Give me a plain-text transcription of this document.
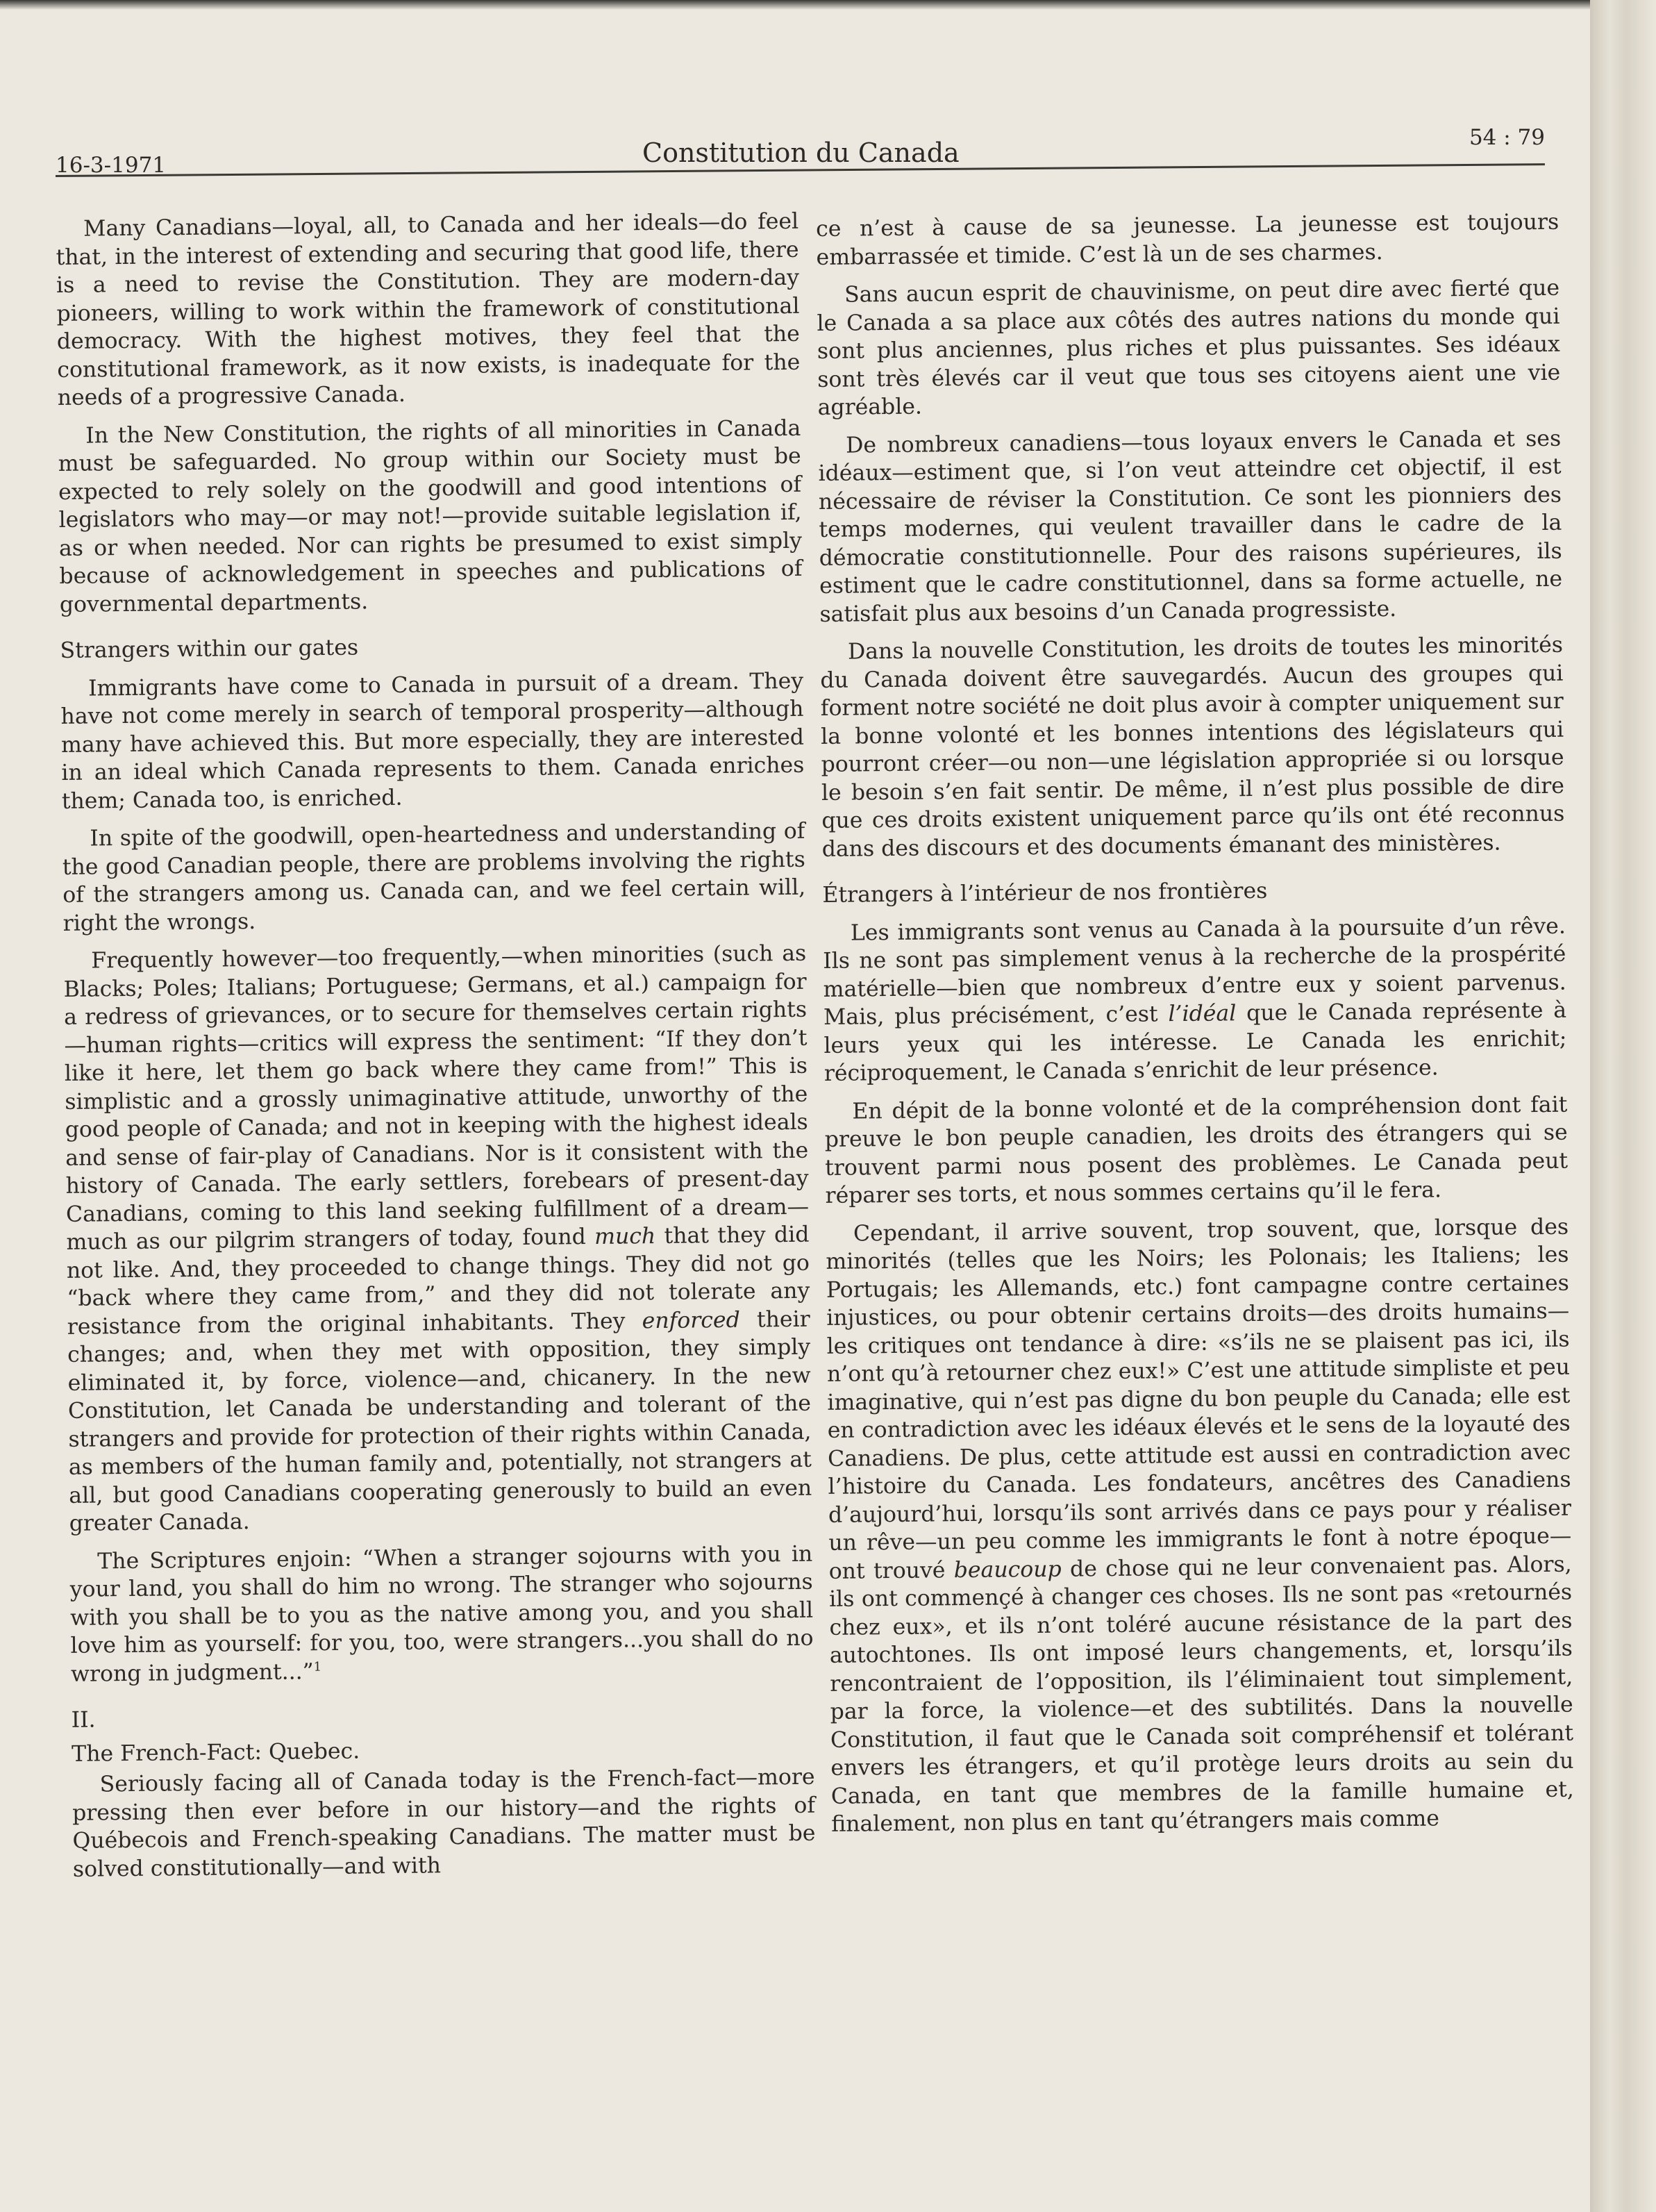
16-3-1971	Constitution du Canada	54 : 79

Many Canadians—loyal, all, to Canada and her ideals—do feel that, in the interest of extending and securing that good life, there is a need to revise the Constitution. They are modern-day pioneers, willing to work within the framework of constitutional democracy. With the highest motives, they feel that the constitutional framework, as it now exists, is inadequate for the needs of a progressive Canada.

In the New Constitution, the rights of all minorities in Canada must be safeguarded. No group within our Society must be expected to rely solely on the goodwill and good intentions of legislators who may—or may not!—provide suitable legislation if, as or when needed. Nor can rights be presumed to exist simply because of acknowledgement in speeches and publications of governmental departments.

Strangers within our gates

Immigrants have come to Canada in pursuit of a dream. They have not come merely in search of temporal prosperity—although many have achieved this. But more especially, they are interested in an ideal which Canada represents to them. Canada enriches them; Canada too, is enriched.

In spite of the goodwill, open-heartedness and understanding of the good Canadian people, there are problems involving the rights of the strangers among us. Canada can, and we feel certain will, right the wrongs.

Frequently however—too frequently,—when minorities (such as Blacks; Poles; Italians; Portuguese; Germans, et al.) campaign for a redress of grievances, or to secure for themselves certain rights—human rights—critics will express the sentiment: “If they don’t like it here, let them go back where they came from!” This is simplistic and a grossly unimaginative attitude, unworthy of the good people of Canada; and not in keeping with the highest ideals and sense of fair-play of Canadians. Nor is it consistent with the history of Canada. The early settlers, forebears of present-day Canadians, coming to this land seeking fulfillment of a dream—much as our pilgrim strangers of today, found much that they did not like. And, they proceeded to change things. They did not go “back where they came from,” and they did not tolerate any resistance from the original inhabitants. They enforced their changes; and, when they met with opposition, they simply eliminated it, by force, violence—and, chicanery. In the new Constitution, let Canada be understanding and tolerant of the strangers and provide for protection of their rights within Canada, as members of the human family and, potentially, not strangers at all, but good Canadians cooperating generously to build an even greater Canada.

The Scriptures enjoin: “When a stranger sojourns with you in your land, you shall do him no wrong. The stranger who sojourns with you shall be to you as the native among you, and you shall love him as yourself: for you, too, were strangers...you shall do no wrong in judgment...”$^1$

II.

The French-Fact: Quebec.

Seriously facing all of Canada today is the French-fact—more pressing then ever before in our history—and the rights of Québecois and French-speaking Canadians. The matter must be solved constitutionally—and with

ce n’est à cause de sa jeunesse. La jeunesse est toujours embarrassée et timide. C’est là un de ses charmes.

Sans aucun esprit de chauvinisme, on peut dire avec fierté que le Canada a sa place aux côtés des autres nations du monde qui sont plus anciennes, plus riches et plus puissantes. Ses idéaux sont très élevés car il veut que tous ses citoyens aient une vie agréable.

De nombreux canadiens—tous loyaux envers le Canada et ses idéaux—estiment que, si l’on veut atteindre cet objectif, il est nécessaire de réviser la Constitution. Ce sont les pionniers des temps modernes, qui veulent travailler dans le cadre de la démocratie constitutionnelle. Pour des raisons supérieures, ils estiment que le cadre constitutionnel, dans sa forme actuelle, ne satisfait plus aux besoins d’un Canada progressiste.

Dans la nouvelle Constitution, les droits de toutes les minorités du Canada doivent être sauvegardés. Aucun des groupes qui forment notre société ne doit plus avoir à compter uniquement sur la bonne volonté et les bonnes intentions des législateurs qui pourront créer—ou non—une législation appropriée si ou lorsque le besoin s’en fait sentir. De même, il n’est plus possible de dire que ces droits existent uniquement parce qu’ils ont été reconnus dans des discours et des documents émanant des ministères.

Étrangers à l’intérieur de nos frontières

Les immigrants sont venus au Canada à la poursuite d’un rêve. Ils ne sont pas simplement venus à la recherche de la prospérité matérielle—bien que nombreux d’entre eux y soient parvenus. Mais, plus précisément, c’est l’idéal que le Canada représente à leurs yeux qui les intéresse. Le Canada les enrichit; réciproquement, le Canada s’enrichit de leur présence.

En dépit de la bonne volonté et de la compréhension dont fait preuve le bon peuple canadien, les droits des étrangers qui se trouvent parmi nous posent des problèmes. Le Canada peut réparer ses torts, et nous sommes certains qu’il le fera.

Cependant, il arrive souvent, trop souvent, que, lorsque des minorités (telles que les Noirs; les Polonais; les Italiens; les Portugais; les Allemands, etc.) font campagne contre certaines injustices, ou pour obtenir certains droits—des droits humains—les critiques ont tendance à dire: «s’ils ne se plaisent pas ici, ils n’ont qu’à retourner chez eux!» C’est une attitude simpliste et peu imaginative, qui n’est pas digne du bon peuple du Canada; elle est en contradiction avec les idéaux élevés et le sens de la loyauté des Canadiens. De plus, cette attitude est aussi en contradiction avec l’histoire du Canada. Les fondateurs, ancêtres des Canadiens d’aujourd’hui, lorsqu’ils sont arrivés dans ce pays pour y réaliser un rêve—un peu comme les immigrants le font à notre époque—ont trouvé beaucoup de chose qui ne leur convenaient pas. Alors, ils ont commençé à changer ces choses. Ils ne sont pas «retournés chez eux», et ils n’ont toléré aucune résistance de la part des autochtones. Ils ont imposé leurs changements, et, lorsqu’ils rencontraient de l’opposition, ils l’éliminaient tout simplement, par la force, la violence—et des subtilités. Dans la nouvelle Constitution, il faut que le Canada soit compréhensif et tolérant envers les étrangers, et qu’il protège leurs droits au sein du Canada, en tant que membres de la famille humaine et, finalement, non plus en tant qu’étrangers mais comme
